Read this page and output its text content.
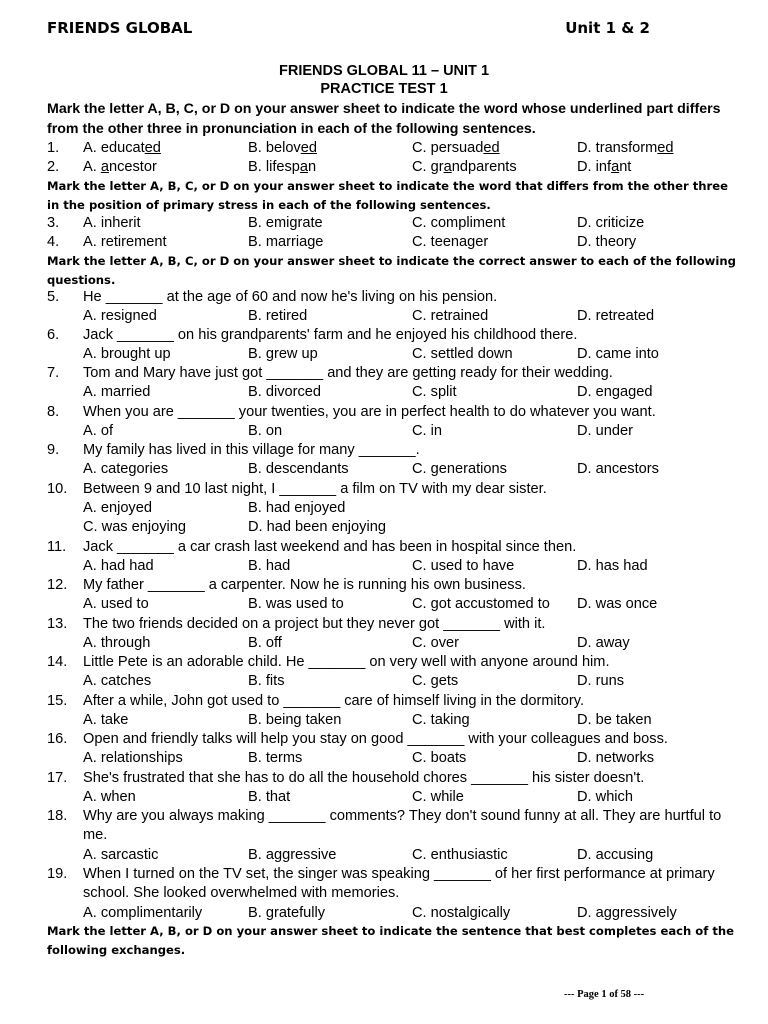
FRIENDS GLOBAL	Unit 1 & 2
FRIENDS GLOBAL 11 – UNIT 1
PRACTICE TEST 1
Mark the letter A, B, C, or D on your answer sheet to indicate the word whose underlined part differs from the other three in pronunciation in each of the following sentences.
1. A. educated	B. beloved	C. persuaded	D. transformed
2. A. ancestor	B. lifespan	C. grandparents	D. infant
Mark the letter A, B, C, or D on your answer sheet to indicate the word that differs from the other three in the position of primary stress in each of the following sentences.
3. A. inherit	B. emigrate	C. compliment	D. criticize
4. A. retirement	B. marriage	C. teenager	D. theory
Mark the letter A, B, C, or D on your answer sheet to indicate the correct answer to each of the following questions.
5. He _______ at the age of 60 and now he's living on his pension.
A. resigned	B. retired	C. retrained	D. retreated
6. Jack _______ on his grandparents' farm and he enjoyed his childhood there.
A. brought up	B. grew up	C. settled down	D. came into
7. Tom and Mary have just got _______ and they are getting ready for their wedding.
A. married	B. divorced	C. split	D. engaged
8. When you are _______ your twenties, you are in perfect health to do whatever you want.
A. of	B. on	C. in	D. under
9. My family has lived in this village for many _______.
A. categories	B. descendants	C. generations	D. ancestors
10. Between 9 and 10 last night, I _______ a film on TV with my dear sister.
A. enjoyed	B. had enjoyed
C. was enjoying	D. had been enjoying
11. Jack _______ a car crash last weekend and has been in hospital since then.
A. had had	B. had	C. used to have	D. has had
12. My father _______ a carpenter. Now he is running his own business.
A. used to	B. was used to	C. got accustomed to D. was once
13. The two friends decided on a project but they never got _______ with it.
A. through	B. off	C. over	D. away
14. Little Pete is an adorable child. He _______ on very well with anyone around him.
A. catches	B. fits	C. gets	D. runs
15. After a while, John got used to _______ care of himself living in the dormitory.
A. take	B. being taken	C. taking	D. be taken
16. Open and friendly talks will help you stay on good _______ with your colleagues and boss.
A. relationships	B. terms	C. boats	D. networks
17. She's frustrated that she has to do all the household chores _______ his sister doesn't.
A. when	B. that	C. while	D. which
18. Why are you always making _______ comments? They don't sound funny at all. They are hurtful to me.
A. sarcastic	B. aggressive	C. enthusiastic	D. accusing
19. When I turned on the TV set, the singer was speaking _______ of her first performance at primary school. She looked overwhelmed with memories.
A. complimentarily	B. gratefully	C. nostalgically	D. aggressively
Mark the letter A, B, or D on your answer sheet to indicate the sentence that best completes each of the following exchanges.
--- Page 1 of 58 ---
